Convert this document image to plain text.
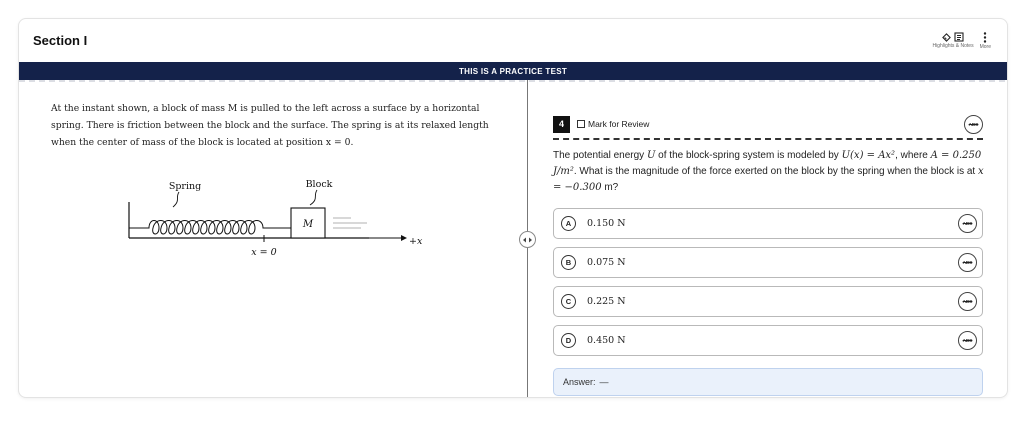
Section I	Highlights & Notes More
THIS IS A PRACTICE TEST

At the instant shown, a block of mass M is pulled to the left across a surface by a horizontal spring. There is friction between the block and the surface. The spring is at its relaxed length when the center of mass of the block is located at position x = 0.

M
x = 0
+x
Spring	Block
4	Mark for Review	ABC

The potential energy U of the block-spring system is modeled by U(x) = Ax², where A = 0.250 J/m². What is the magnitude of the force exerted on the block by the spring when the block is at x = −0.300 m?

A	0.150 N	ABC
B	0.075 N	ABC
C	0.225 N	ABC
D	0.450 N	ABC
Answer: —
